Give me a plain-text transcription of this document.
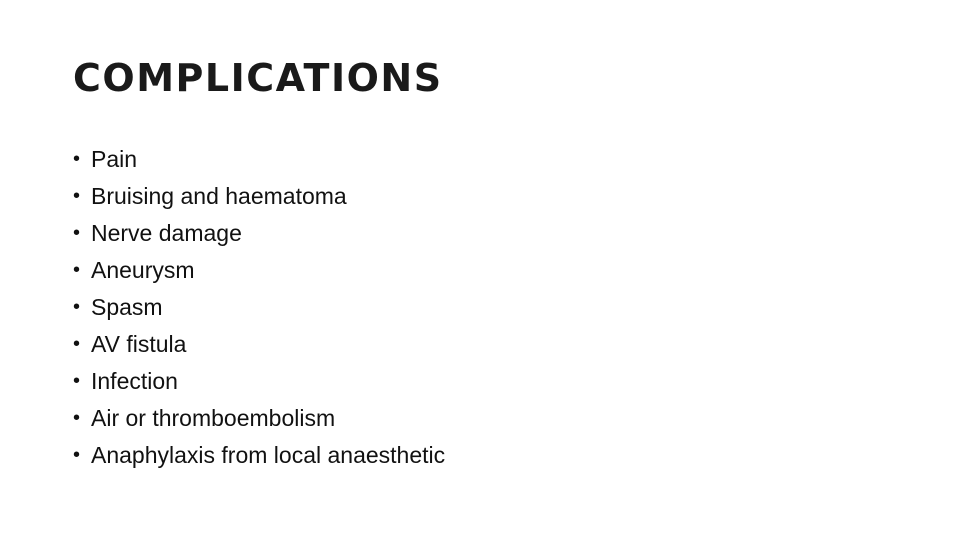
COMPLICATIONS
• Pain
• Bruising and haematoma
• Nerve damage
• Aneurysm
• Spasm
• AV fistula
• Infection
• Air or thromboembolism
• Anaphylaxis from local anaesthetic
